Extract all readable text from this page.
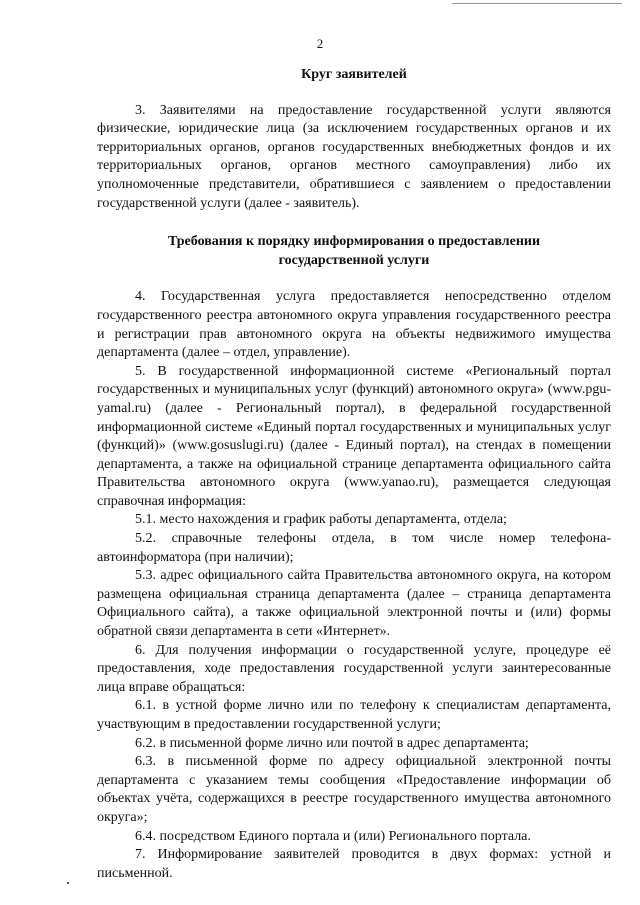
2
Круг заявителей

3. Заявителями на предоставление государственной услуги являются физические, юридические лица (за исключением государственных органов и их территориальных органов, органов государственных внебюджетных фондов и их территориальных органов, органов местного самоуправления) либо их уполномоченные представители, обратившиеся с заявлением о предоставлении государственной услуги (далее - заявитель).

Требования к порядку информирования о предоставлении государственной услуги

4. Государственная услуга предоставляется непосредственно отделом государственного реестра автономного округа управления государственного реестра и регистрации прав автономного округа на объекты недвижимого имущества департамента (далее – отдел, управление).

5. В государственной информационной системе «Региональный портал государственных и муниципальных услуг (функций) автономного округа» (www.pgu-yamal.ru) (далее - Региональный портал), в федеральной государственной информационной системе «Единый портал государственных и муниципальных услуг (функций)» (www.gosuslugi.ru) (далее - Единый портал), на стендах в помещении департамента, а также на официальной странице департамента официального сайта Правительства автономного округа (www.yanao.ru), размещается следующая справочная информация:

5.1. место нахождения и график работы департамента, отдела;

5.2. справочные телефоны отдела, в том числе номер телефона-автоинформатора (при наличии);

5.3. адрес официального сайта Правительства автономного округа, на котором размещена официальная страница департамента (далее – страница департамента Официального сайта), а также официальной электронной почты и (или) формы обратной связи департамента в сети «Интернет».

6. Для получения информации о государственной услуге, процедуре её предоставления, ходе предоставления государственной услуги заинтересованные лица вправе обращаться:

6.1. в устной форме лично или по телефону к специалистам департамента, участвующим в предоставлении государственной услуги;

6.2. в письменной форме лично или почтой в адрес департамента;

6.3. в письменной форме по адресу официальной электронной почты департамента с указанием темы сообщения «Предоставление информации об объектах учёта, содержащихся в реестре государственного имущества автономного округа»;

6.4. посредством Единого портала и (или) Регионального портала.

7. Информирование заявителей проводится в двух формах: устной и письменной.
